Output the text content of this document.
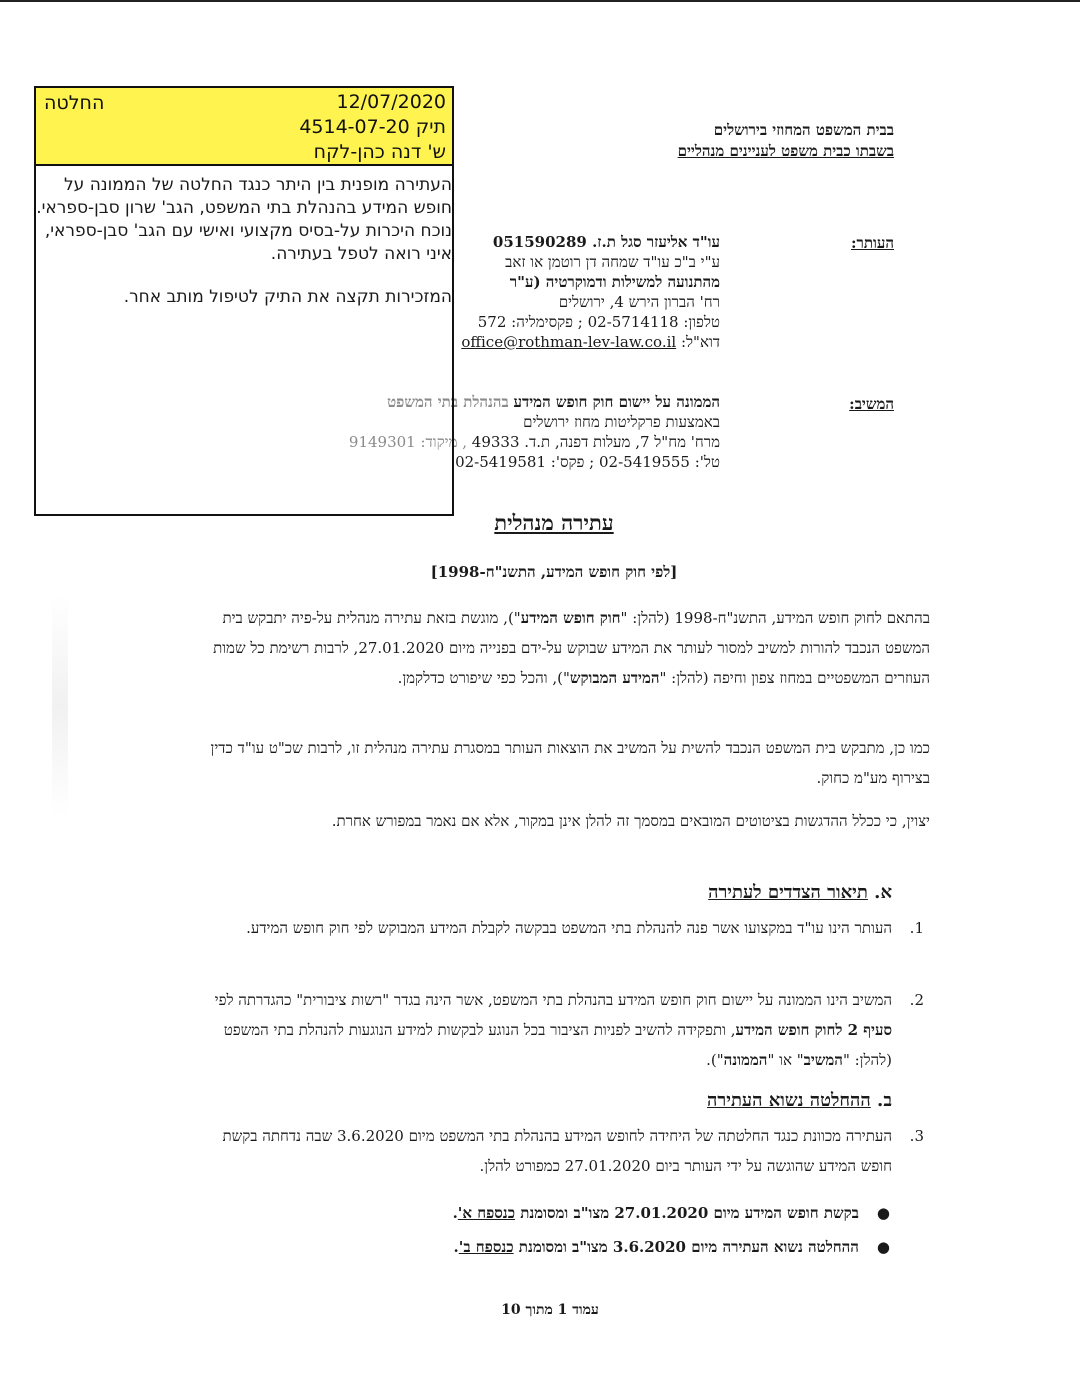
בבית המשפט המחוזי בירושלים
בשבתו כבית משפט לעניינים מנהליים
העותר:
עו"ד אליעזר סגל ת.ז. 051590289
ע"י ב"כ עו"ד שמחה דן רוטמן או זאב
מהתנועה למשילות ודמוקרטיה (ע"ר
רח' הברון הירש 4, ירושלים
טלפון: 02-5714118 ; פקסימליה: 572
דוא"ל: office@rothman-lev-law.co.il
המשיב:
הממונה על יישום חוק חופש המידע בהנהלת בתי המשפט
באמצעות פרקליטות מחוז ירושלים
מרח' מח"ל 7, מעלות דפנה, ת.ד. 49333 , מיקוד: 9149301
טל': 02-5419555 ; פקס': 02-5419581
החלטה	12/07/2020
תיק 4514-07-20
ש' דנה כהן-לקח

העתירה מופנית בין היתר כנגד החלטה של הממונה על חופש המידע בהנהלת בתי המשפט, הגב' שרון סבן-ספראי. נוכח היכרות על-בסיס מקצועי ואישי עם הגב' סבן-ספראי, איני רואה לטפל בעתירה.

המזכירות תקצה את התיק לטיפול מותב אחר.

עתירה מנהלית
[לפי חוק חופש המידע, התשנ"ח-1998]
בהתאם לחוק חופש המידע, התשנ"ח-1998 (להלן: "חוק חופש המידע"), מוגשת בזאת עתירה מנהלית על-פיה יתבקש בית המשפט הנכבד להורות למשיב למסור לעותר את המידע שבוקש על-ידם בפנייה מיום 27.01.2020, לרבות רשימת כל שמות העוזרים המשפטיים במחוז צפון וחיפה (להלן: "המידע המבוקש"), והכל כפי שיפורט כדלקמן.
כמו כן, מתבקש בית המשפט הנכבד להשית על המשיב את הוצאות העותר במסגרת עתירה מנהלית זו, לרבות שכ"ט עו"ד כדין בצירוף מע"מ כחוק.
יצוין, כי ככלל ההדגשות בציטוטים המובאים במסמך זה להלן אינן במקור, אלא אם נאמר במפורש אחרת.
א. תיאור הצדדים לעתירה
1.
העותר הינו עו"ד במקצועו אשר פנה להנהלת בתי המשפט בבקשה לקבלת המידע המבוקש לפי חוק חופש המידע.
2.
המשיב הינו הממונה על יישום חוק חופש המידע בהנהלת בתי המשפט, אשר הינה בגדר "רשות ציבורית" כהגדרתה לפי סעיף 2 לחוק חופש המידע, ותפקידה להשיב לפניות הציבור בכל הנוגע לבקשות למידע הנוגעות להנהלת בתי המשפט (להלן: "המשיב" או "הממונה").
ב. ההחלטה נשוא העתירה
3.
העתירה מכוונת כנגד החלטתה של היחידה לחופש המידע בהנהלת בתי המשפט מיום 3.6.2020 שבה נדחתה בקשת חופש המידע שהוגשה על ידי העותר ביום 27.01.2020 כמפורט להלן.
●בקשת חופש המידע מיום 27.01.2020 מצו"ב ומסומנת כנספח א'.
●ההחלטה נשוא העתירה מיום 3.6.2020 מצו"ב ומסומנת כנספח ב'.
עמוד 1 מתוך 10
